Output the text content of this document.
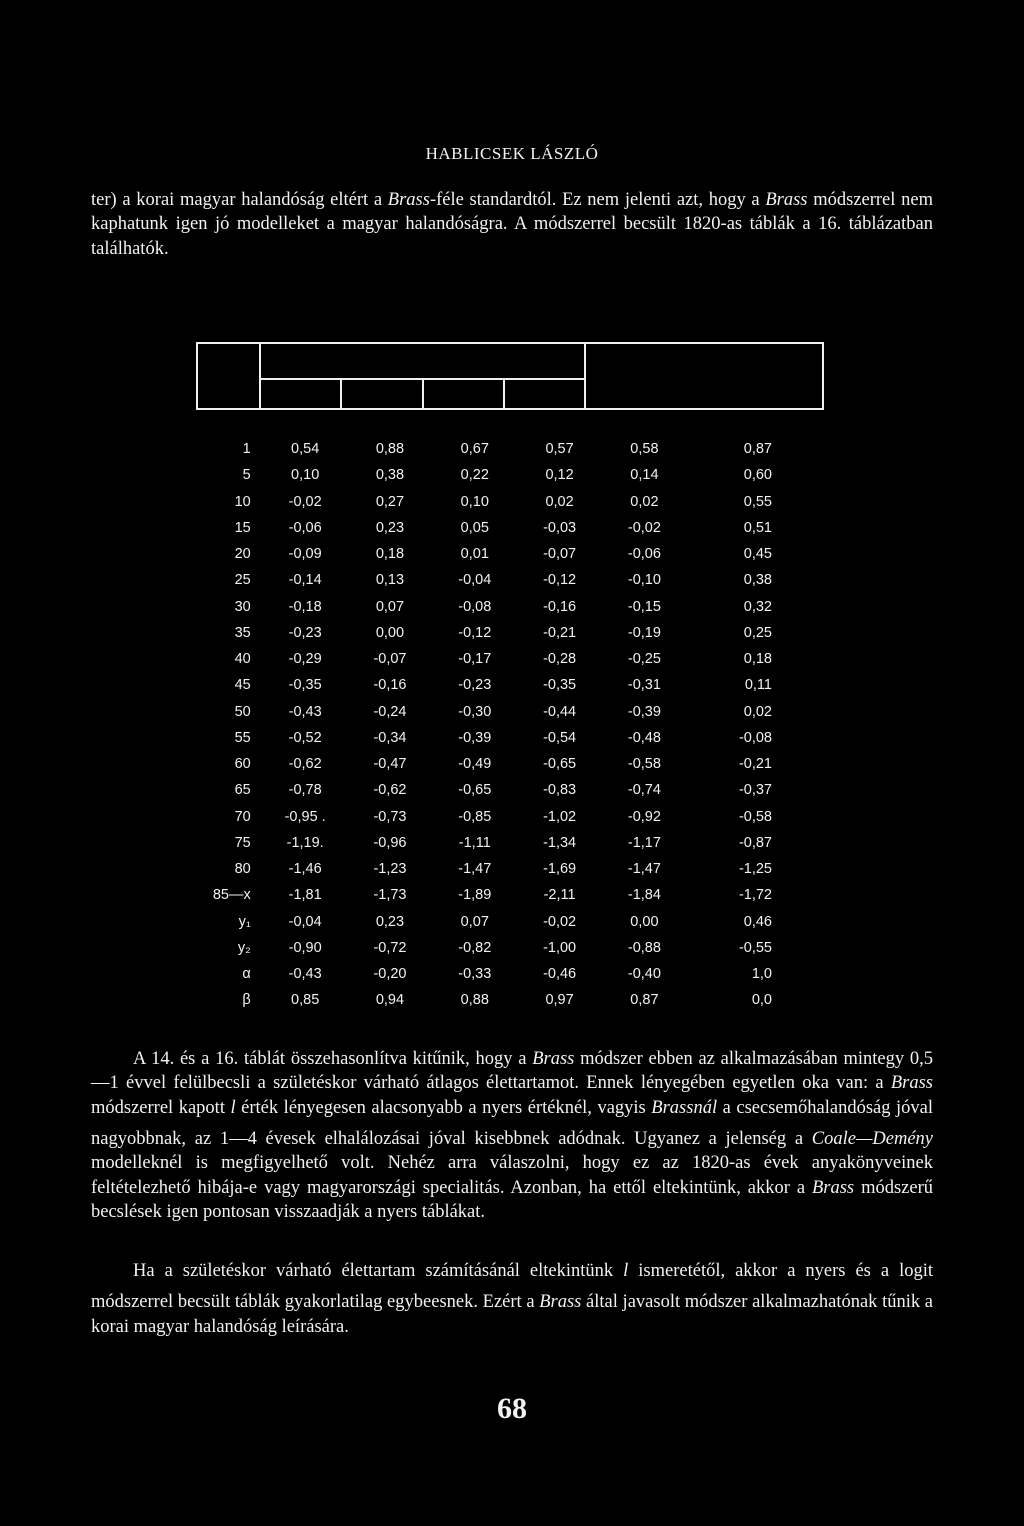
HABLICSEK LÁSZLÓ

ter) a korai magyar halandóság eltért a Brass-féle standardtól. Ez nem jelenti azt, hogy a Brass módszerrel nem kaphatunk igen jó modelleket a magyar halandóságra. A módszerrel becsült 1820-as táblák a 16. táblázatban találhatók.

1	0,54	0,88	0,67	0,57	0,58	0,87
5	0,10	0,38	0,22	0,12	0,14	0,60
10	-0,02	0,27	0,10	0,02	0,02	0,55
15	-0,06	0,23	0,05	-0,03	-0,02	0,51
20	-0,09	0,18	0,01	-0,07	-0,06	0,45
25	-0,14	0,13	-0,04	-0,12	-0,10	0,38
30	-0,18	0,07	-0,08	-0,16	-0,15	0,32
35	-0,23	0,00	-0,12	-0,21	-0,19	0,25
40	-0,29	-0,07	-0,17	-0,28	-0,25	0,18
45	-0,35	-0,16	-0,23	-0,35	-0,31	0,11
50	-0,43	-0,24	-0,30	-0,44	-0,39	0,02
55	-0,52	-0,34	-0,39	-0,54	-0,48	-0,08
60	-0,62	-0,47	-0,49	-0,65	-0,58	-0,21
65	-0,78	-0,62	-0,65	-0,83	-0,74	-0,37
70	-0,95 .	-0,73	-0,85	-1,02	-0,92	-0,58
75	-1,19.	-0,96	-1,11	-1,34	-1,17	-0,87
80	-1,46	-1,23	-1,47	-1,69	-1,47	-1,25
85—x	-1,81	-1,73	-1,89	-2,11	-1,84	-1,72
y₁	-0,04	0,23	0,07	-0,02	0,00	0,46
y₂	-0,90	-0,72	-0,82	-1,00	-0,88	-0,55
α	-0,43	-0,20	-0,33	-0,46	-0,40	1,0
β	0,85	0,94	0,88	0,97	0,87	0,0

A 14. és a 16. táblát összehasonlítva kitűnik, hogy a Brass módszer ebben az alkalmazásában mintegy 0,5—1 évvel felülbecsli a születéskor várható átlagos élettartamot. Ennek lényegében egyetlen oka van: a Brass módszerrel kapott l érték lényegesen alacsonyabb a nyers értéknél, vagyis Brassnál a csecsemőhalandóság jóval nagyobbnak, az 1—4 évesek elhalálozásai jóval kisebbnek adódnak. Ugyanez a jelenség a Coale—Demény modelleknél is megfigyelhető volt. Nehéz arra válaszolni, hogy ez az 1820-as évek anyakönyveinek feltételezhető hibája-e vagy magyarországi specialitás. Azonban, ha ettől eltekintünk, akkor a Brass módszerű becslések igen pontosan visszaadják a nyers táblákat.

Ha a születéskor várható élettartam számításánál eltekintünk l ismeretétől, akkor a nyers és a logit módszerrel becsült táblák gyakorlatilag egybeesnek. Ezért a Brass által javasolt módszer alkalmazhatónak tűnik a korai magyar halandóság leírására.

68
